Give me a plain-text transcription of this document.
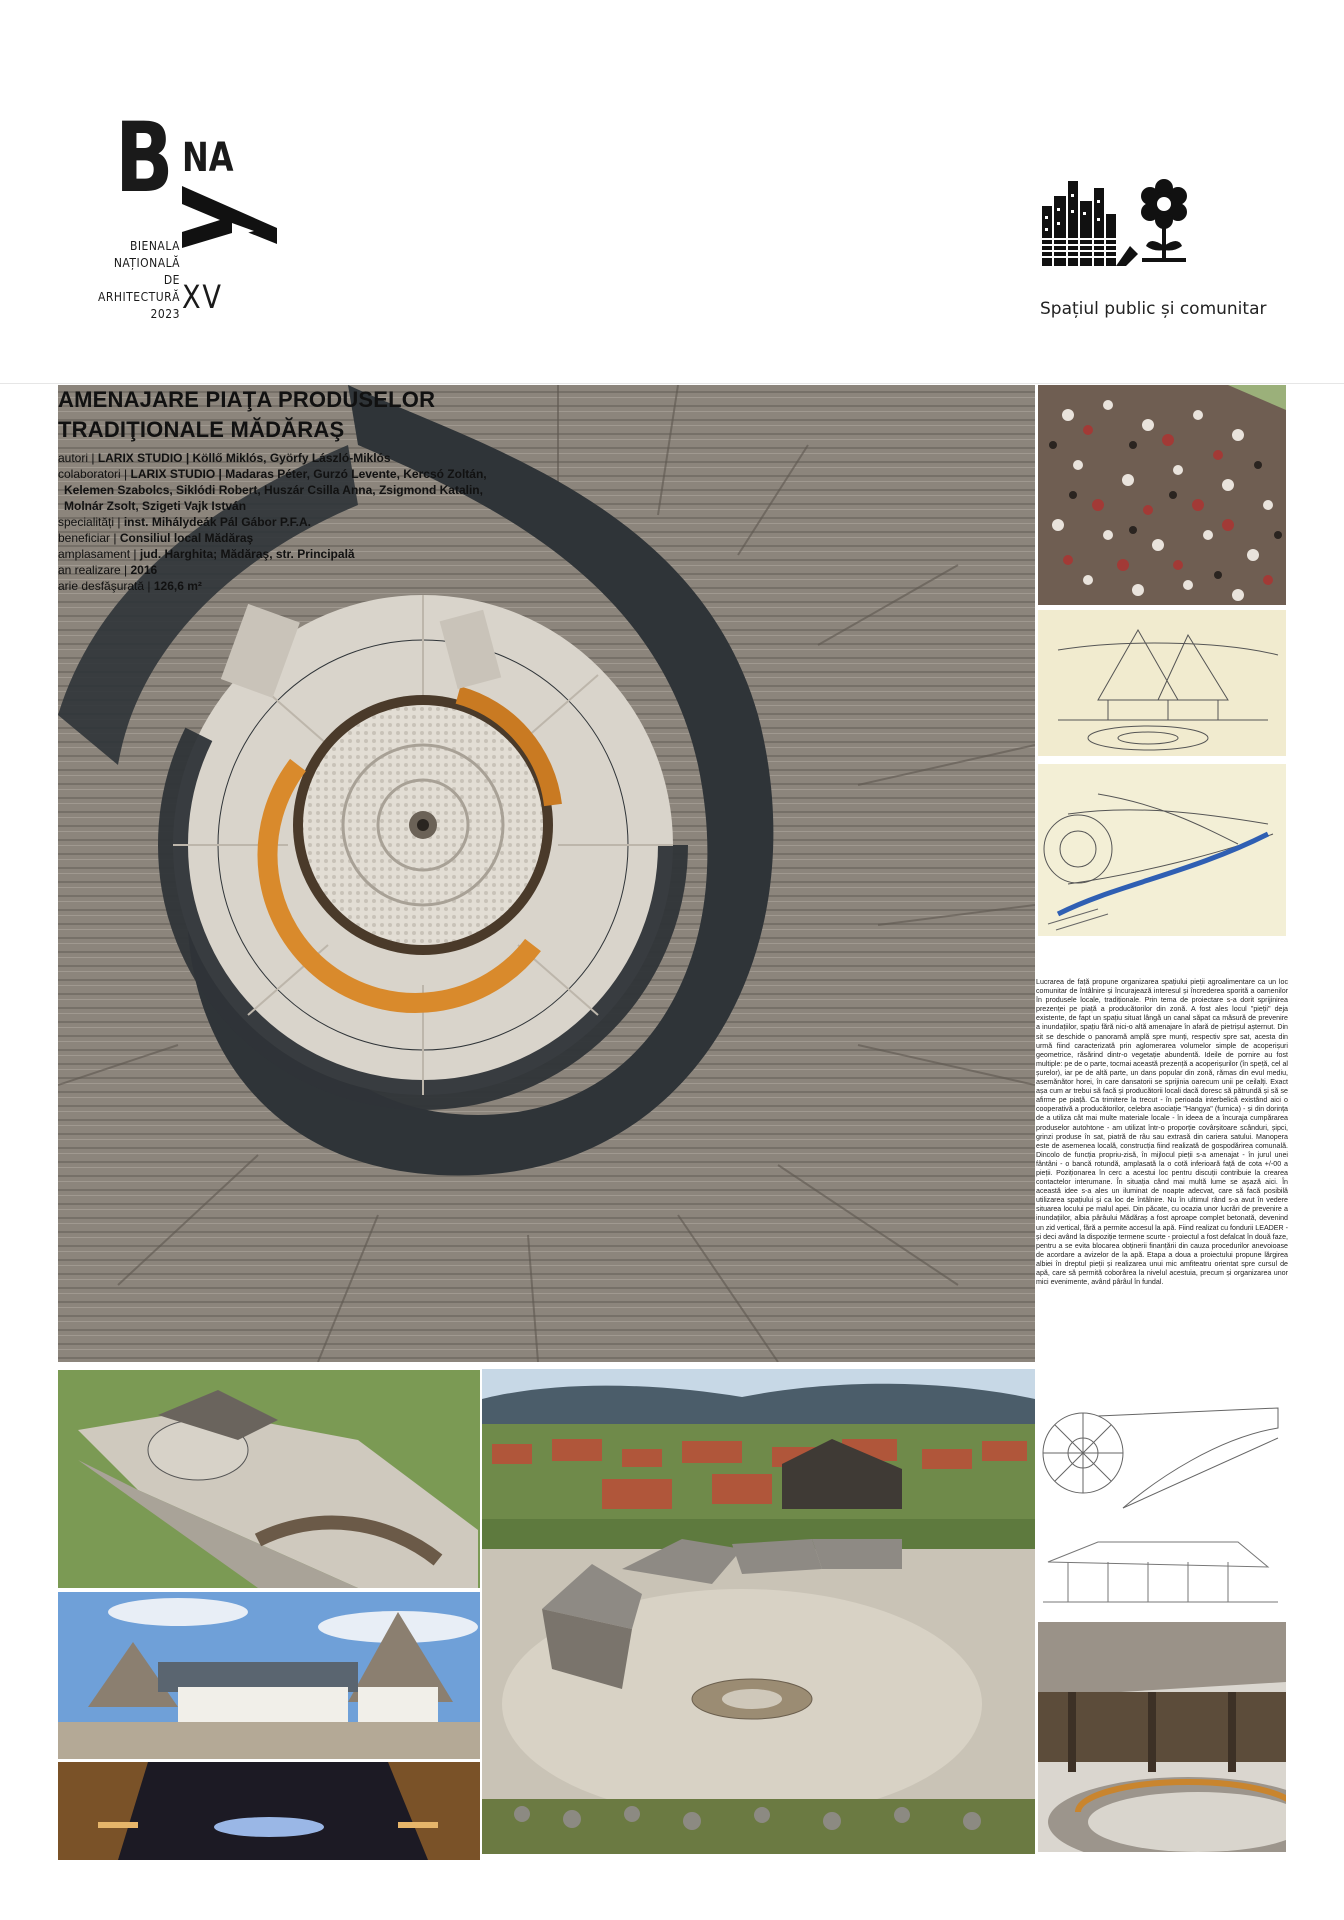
B NA
BIENALA
NAȚIONALĂ
DE
ARHITECTURĂ
2023 XV	Spațiul public și comunitar
AMENAJARE PIAŢA PRODUSELOR
TRADIŢIONALE MĂDĂRAŞ
autori | LARIX STUDIO | Köllő Miklós, Györfy László-Miklós
colaboratori | LARIX STUDIO | Madaras Péter, Gurzó Levente, Kercsó Zoltán,
Kelemen Szabolcs, Siklódi Robert, Huszár Csilla Anna, Zsigmond Katalin,
Molnár Zsolt, Szigeti Vajk István
specialități | inst. Mihálydeák Pál Gábor P.F.A.
beneficiar | Consiliul local Mădăraş
amplasament | jud. Harghita; Mădăraş, str. Principală
an realizare | 2016
arie desfăşurată | 126,6 m²
Lucrarea de față propune organizarea spațiului pieții agroalimentare ca un loc comunitar de întâlnire și încurajează interesul și încrederea sporită a oamenilor în produsele locale, tradiționale. Prin tema de proiectare s-a dorit sprijinirea prezenței pe piață a producătorilor din zonă. A fost ales locul "pieții" deja existente, de fapt un spațiu situat lângă un canal săpat ca măsură de prevenire a inundațiilor, spațiu fără nici-o altă amenajare în afară de pietrișul așternut. Din sit se deschide o panoramă amplă spre munți, respectiv spre sat, acesta din urmă fiind caracterizată prin aglomerarea volumelor simple de acoperișuri geometrice, răsărind dintr-o vegetație abundentă. Ideile de pornire au fost multiple: pe de o parte, tocmai această prezență a acoperișurilor (în speță, cel al șurelor), iar pe de altă parte, un dans popular din zonă, rămas din evul mediu, asemănător horei, în care dansatorii se sprijinia oarecum unii pe ceilalți. Exact așa cum ar trebui să facă și producătorii locali dacă doresc să pătrundă și să se afirme pe piață. Ca trimitere la trecut - în perioada interbelică existând aici o cooperativă a producătorilor, celebra asociație "Hangya" (furnica) - și din dorința de a utiliza cât mai multe materiale locale - în ideea de a încuraja cumpărarea produselor autohtone - am utilizat într-o proporție covârșitoare scânduri, șipci, grinzi produse în sat, piatră de râu sau extrasă din cariera satului. Manopera este de asemenea locală, construcția fiind realizată de gospodărirea comunală. Dincolo de funcția propriu-zisă, în mijlocul pieții s-a amenajat - în jurul unei fântâni - o bancă rotundă, amplasată la o cotă inferioară față de cota +/-00 a pieții. Poziționarea în cerc a acestui loc pentru discuții contribuie la crearea contactelor interumane. În situația când mai multă lume se așază aici. În această idee s-a ales un iluminat de noapte adecvat, care să facă posibilă utilizarea spațiului și ca loc de întâlnire. Nu în ultimul rând s-a avut în vedere situarea locului pe malul apei. Din păcate, cu ocazia unor lucrări de prevenire a inundațiilor, albia pârâului Mădăraș a fost aproape complet betonată, devenind un zid vertical, fără a permite accesul la apă. Fiind realizat cu fondurii LEADER - și deci având la dispoziție termene scurte - proiectul a fost defalcat în două faze, pentru a se evita blocarea obținerii finanțării din cauza procedurilor anevoioase de acordare a avizelor de la apă. Etapa a doua a proiectului propune lărgirea albiei în dreptul pieții și realizarea unui mic amfiteatru orientat spre cursul de apă, care să permită coborârea la nivelul acestuia, precum și organizarea unor mici evenimente, având pârâul în fundal.
